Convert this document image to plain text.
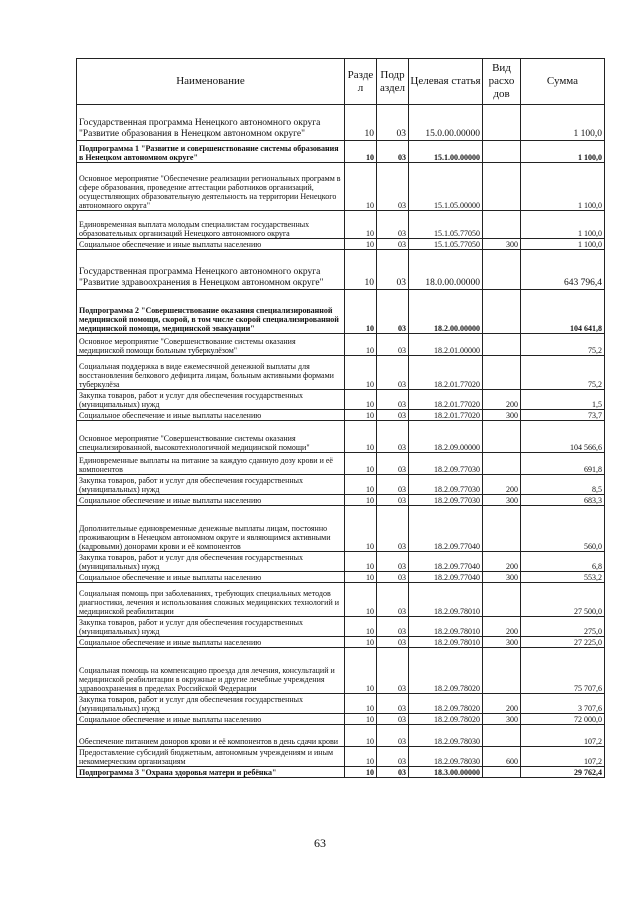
Наименование	Разде л	Подр аздел	Целевая статья	Вид расхо дов	Сумма
Государственная программа Ненецкого автономного округа "Развитие образования в Ненецком автономном округе"	10	03	15.0.00.00000		1 100,0
Подпрограмма 1 "Развитие и совершенствование системы образования в Ненецком автономном округе"	10	03	15.1.00.00000		1 100,0
Основное мероприятие "Обеспечение реализации региональных программ в сфере образования, проведение аттестации работников организаций, осуществляющих образовательную деятельность на территории Ненецкого автономного округа"	10	03	15.1.05.00000		1 100,0
Единовременная выплата молодым специалистам государственных образовательных организаций Ненецкого автономного округа	10	03	15.1.05.77050		1 100,0
Социальное обеспечение и иные выплаты населению	10	03	15.1.05.77050	300	1 100,0
Государственная программа Ненецкого автономного округа "Развитие здравоохранения в Ненецком автономном округе"	10	03	18.0.00.00000		643 796,4
Подпрограмма 2 "Совершенствование оказания специализированной медицинской помощи, скорой, в том числе скорой специализированной медицинской помощи, медицинской эвакуации"	10	03	18.2.00.00000		104 641,8
Основное мероприятие "Совершенствование системы оказания медицинской помощи больным туберкулёзом"	10	03	18.2.01.00000		75,2
Социальная поддержка в виде ежемесячной денежной выплаты для восстановления белкового дефицита лицам, больным активными формами туберкулёза	10	03	18.2.01.77020		75,2
Закупка товаров, работ и услуг для обеспечения государственных (муниципальных) нужд	10	03	18.2.01.77020	200	1,5
Социальное обеспечение и иные выплаты населению	10	03	18.2.01.77020	300	73,7
Основное мероприятие "Совершенствование системы оказания специализированной, высокотехнологичной медицинской помощи"	10	03	18.2.09.00000		104 566,6
Единовременные выплаты на питание за каждую сданную дозу крови и её компонентов	10	03	18.2.09.77030		691,8
Закупка товаров, работ и услуг для обеспечения государственных (муниципальных) нужд	10	03	18.2.09.77030	200	8,5
Социальное обеспечение и иные выплаты населению	10	03	18.2.09.77030	300	683,3
Дополнительные единовременные денежные выплаты лицам, постоянно проживающим в Ненецком автономном округе и являющимся активными (кадровыми) донорами крови и её компонентов	10	03	18.2.09.77040		560,0
Закупка товаров, работ и услуг для обеспечения государственных (муниципальных) нужд	10	03	18.2.09.77040	200	6,8
Социальное обеспечение и иные выплаты населению	10	03	18.2.09.77040	300	553,2
Социальная помощь при заболеваниях, требующих специальных методов диагностики, лечения и использования сложных медицинских технологий и медицинской реабилитации	10	03	18.2.09.78010		27 500,0
Закупка товаров, работ и услуг для обеспечения государственных (муниципальных) нужд	10	03	18.2.09.78010	200	275,0
Социальное обеспечение и иные выплаты населению	10	03	18.2.09.78010	300	27 225,0
Социальная помощь на компенсацию проезда для лечения, консультаций и медицинской реабилитации в окружные и другие лечебные учреждения здравоохранения в пределах Российской Федерации	10	03	18.2.09.78020		75 707,6
Закупка товаров, работ и услуг для обеспечения государственных (муниципальных) нужд	10	03	18.2.09.78020	200	3 707,6
Социальное обеспечение и иные выплаты населению	10	03	18.2.09.78020	300	72 000,0
Обеспечение питанием доноров крови и её компонентов в день сдачи крови	10	03	18.2.09.78030		107,2
Предоставление субсидий бюджетным, автономным учреждениям и иным некоммерческим организациям	10	03	18.2.09.78030	600	107,2
Подпрограмма 3 "Охрана здоровья матери и ребёнка"	10	03	18.3.00.00000		29 762,4
63
